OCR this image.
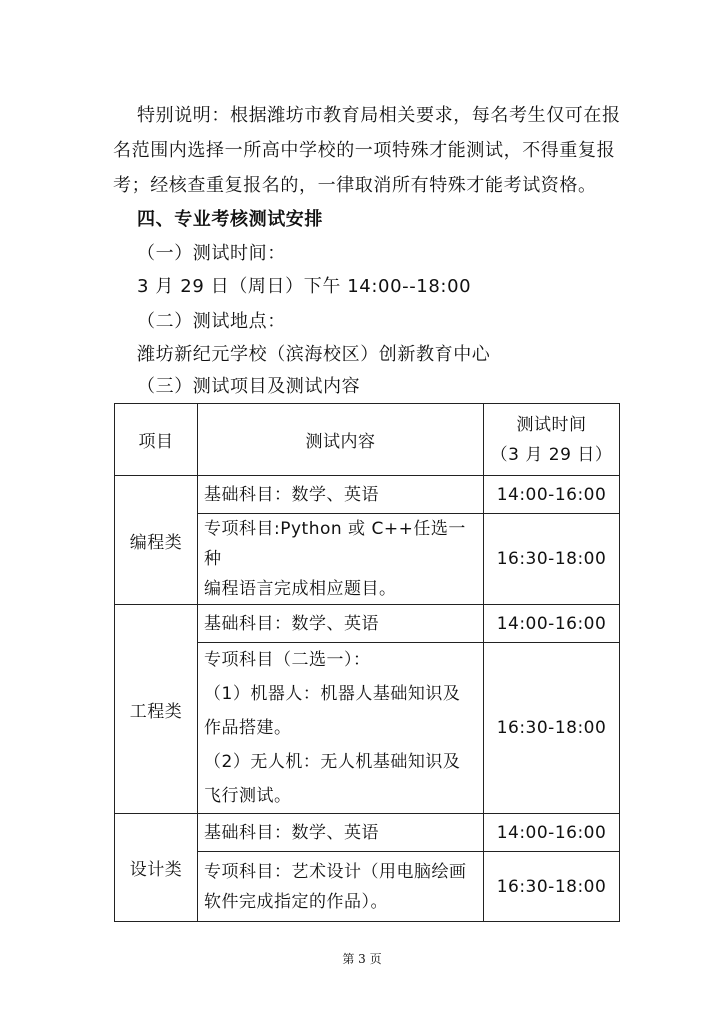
特别说明：根据潍坊市教育局相关要求，每名考生仅可在报
名范围内选择一所高中学校的一项特殊才能测试，不得重复报
考；经核查重复报名的，一律取消所有特殊才能考试资格。
四、专业考核测试安排
（一）测试时间：
3 月 29 日（周日）下午 14:00--18:00
（二）测试地点：
潍坊新纪元学校（滨海校区）创新教育中心
（三）测试项目及测试内容
项目	测试内容	测试时间
（3 月 29 日）

编程类	基础科目：数学、英语	14:00-16:00

	专项科目:Python 或 C++任选一种
编程语言完成相应题目。	16:30-18:00
工程类	基础科目：数学、英语	14:00-16:00

	专项科目（二选一）：
（1）机器人：机器人基础知识及
作品搭建。
（2）无人机：无人机基础知识及
飞行测试。	16:30-18:00
设计类	基础科目：数学、英语	14:00-16:00

	专项科目：艺术设计（用电脑绘画
软件完成指定的作品）。	16:30-18:00
第 3 页
